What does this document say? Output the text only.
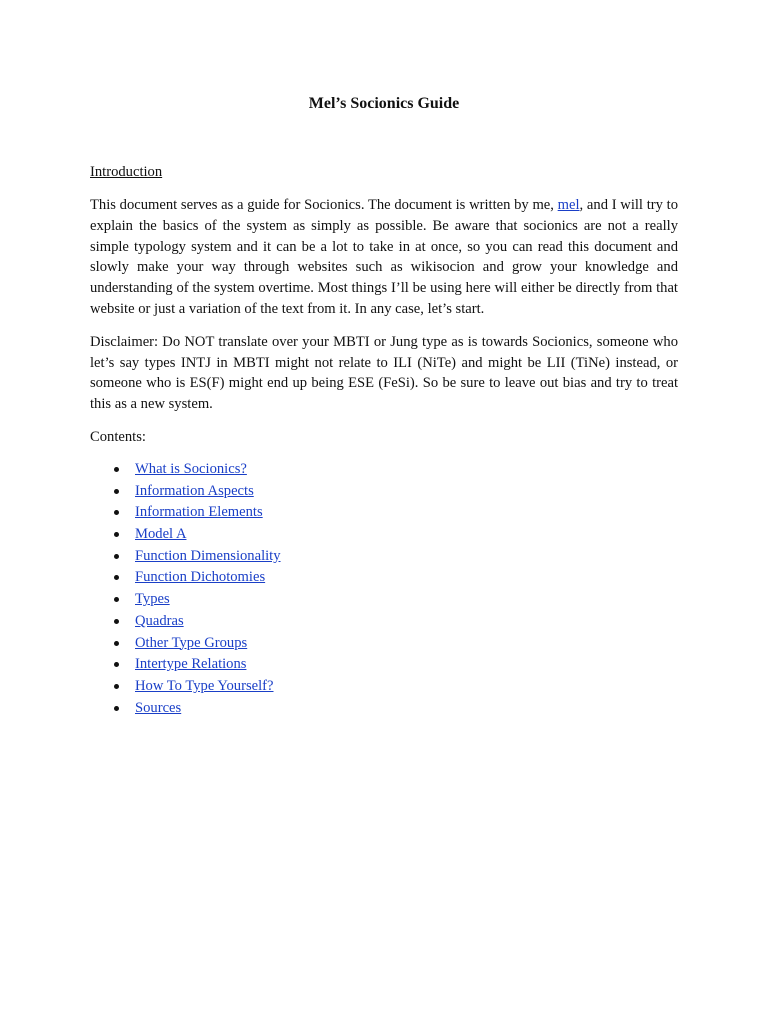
Mel’s Socionics Guide

Introduction

This document serves as a guide for Socionics. The document is written by me, mel, and I will try to explain the basics of the system as simply as possible. Be aware that socionics are not a really simple typology system and it can be a lot to take in at once, so you can read this document and slowly make your way through websites such as wikisocion and grow your knowledge and understanding of the system overtime. Most things I’ll be using here will either be directly from that website or just a variation of the text from it. In any case, let’s start.

Disclaimer: Do NOT translate over your MBTI or Jung type as is towards Socionics, someone who let’s say types INTJ in MBTI might not relate to ILI (NiTe) and might be LII (TiNe) instead, or someone who is ES(F) might end up being ESE (FeSi). So be sure to leave out bias and try to treat this as a new system.

Contents:

What is Socionics?
Information Aspects
Information Elements
Model A
Function Dimensionality
Function Dichotomies
Types
Quadras
Other Type Groups
Intertype Relations
How To Type Yourself?
Sources
